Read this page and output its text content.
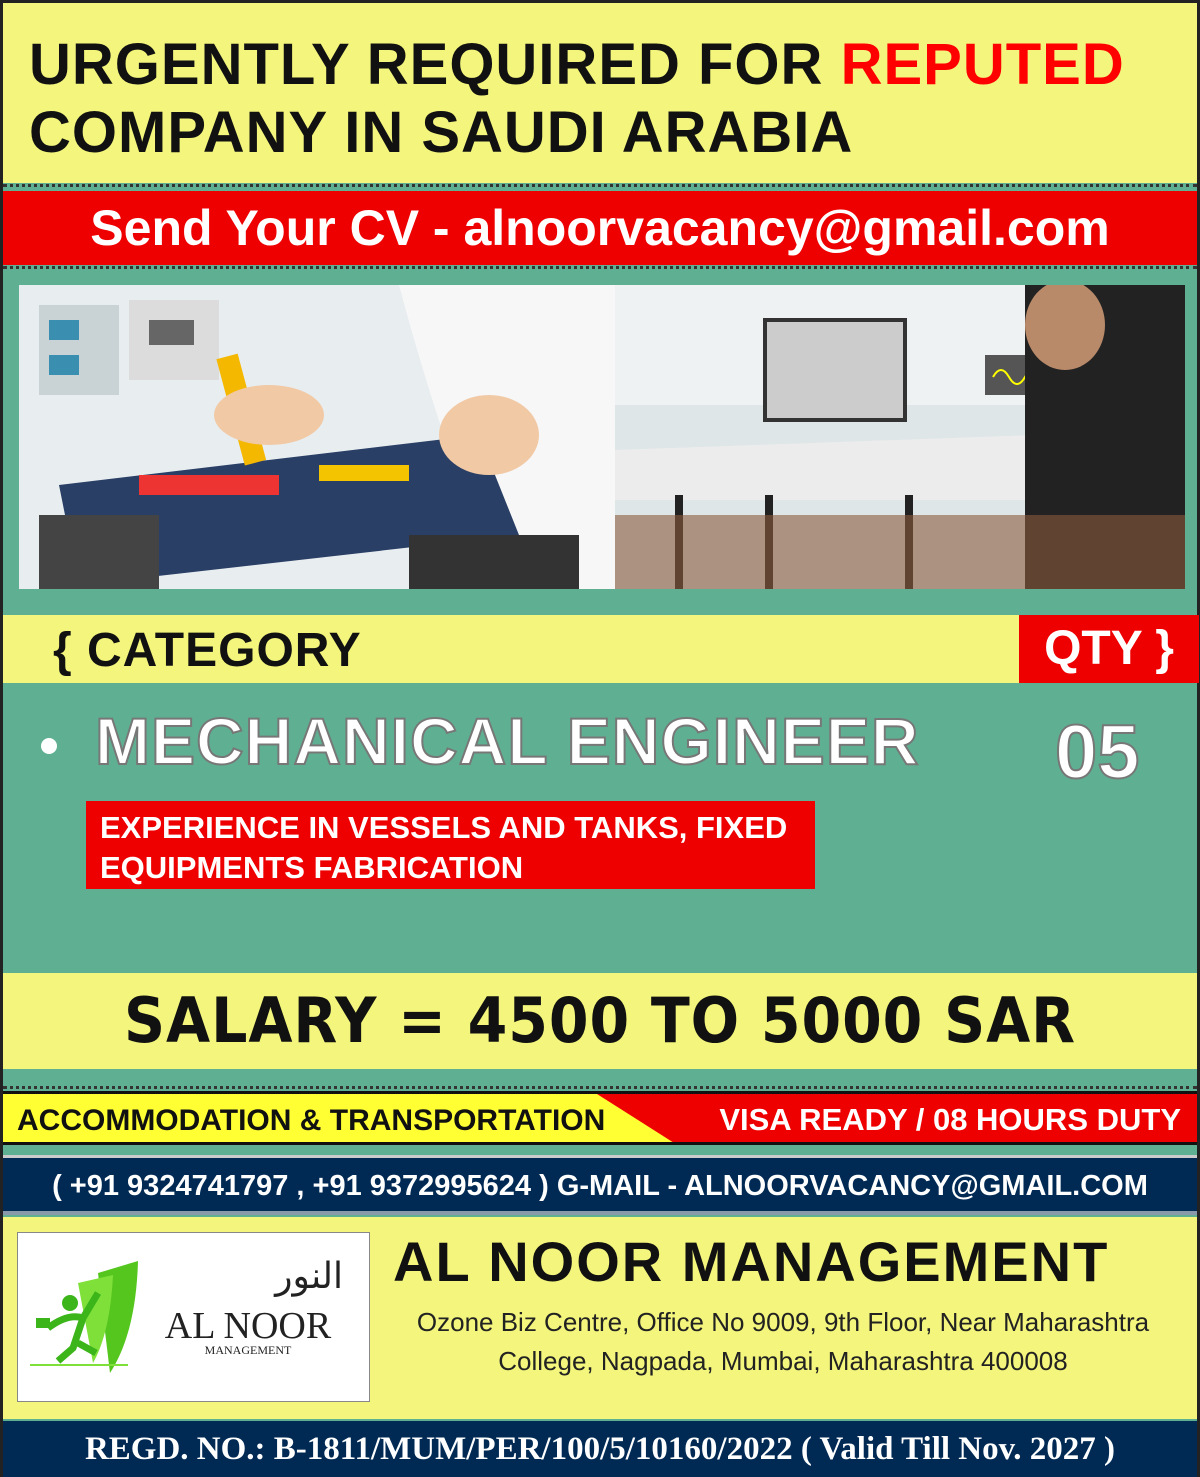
URGENTLY REQUIRED FOR REPUTED
COMPANY IN SAUDI ARABIA
Send Your CV - alnoorvacancy@gmail.com
{ CATEGORY	QTY }
MECHANICAL ENGINEER 05
EXPERIENCE IN VESSELS AND TANKS, FIXED
EQUIPMENTS FABRICATION
SALARY = 4500 TO 5000 SAR
ACCOMMODATION & TRANSPORTATION	VISA READY / 08 HOURS DUTY
( +91 9324741797 , +91 9372995624 ) G-MAIL - ALNOORVACANCY@GMAIL.COM
النور
AL NOOR
MANAGEMENT
AL NOOR MANAGEMENT
Ozone Biz Centre, Office No 9009, 9th Floor, Near Maharashtra
College, Nagpada, Mumbai, Maharashtra 400008
REGD. NO.: B-1811/MUM/PER/100/5/10160/2022 ( Valid Till Nov. 2027 )
